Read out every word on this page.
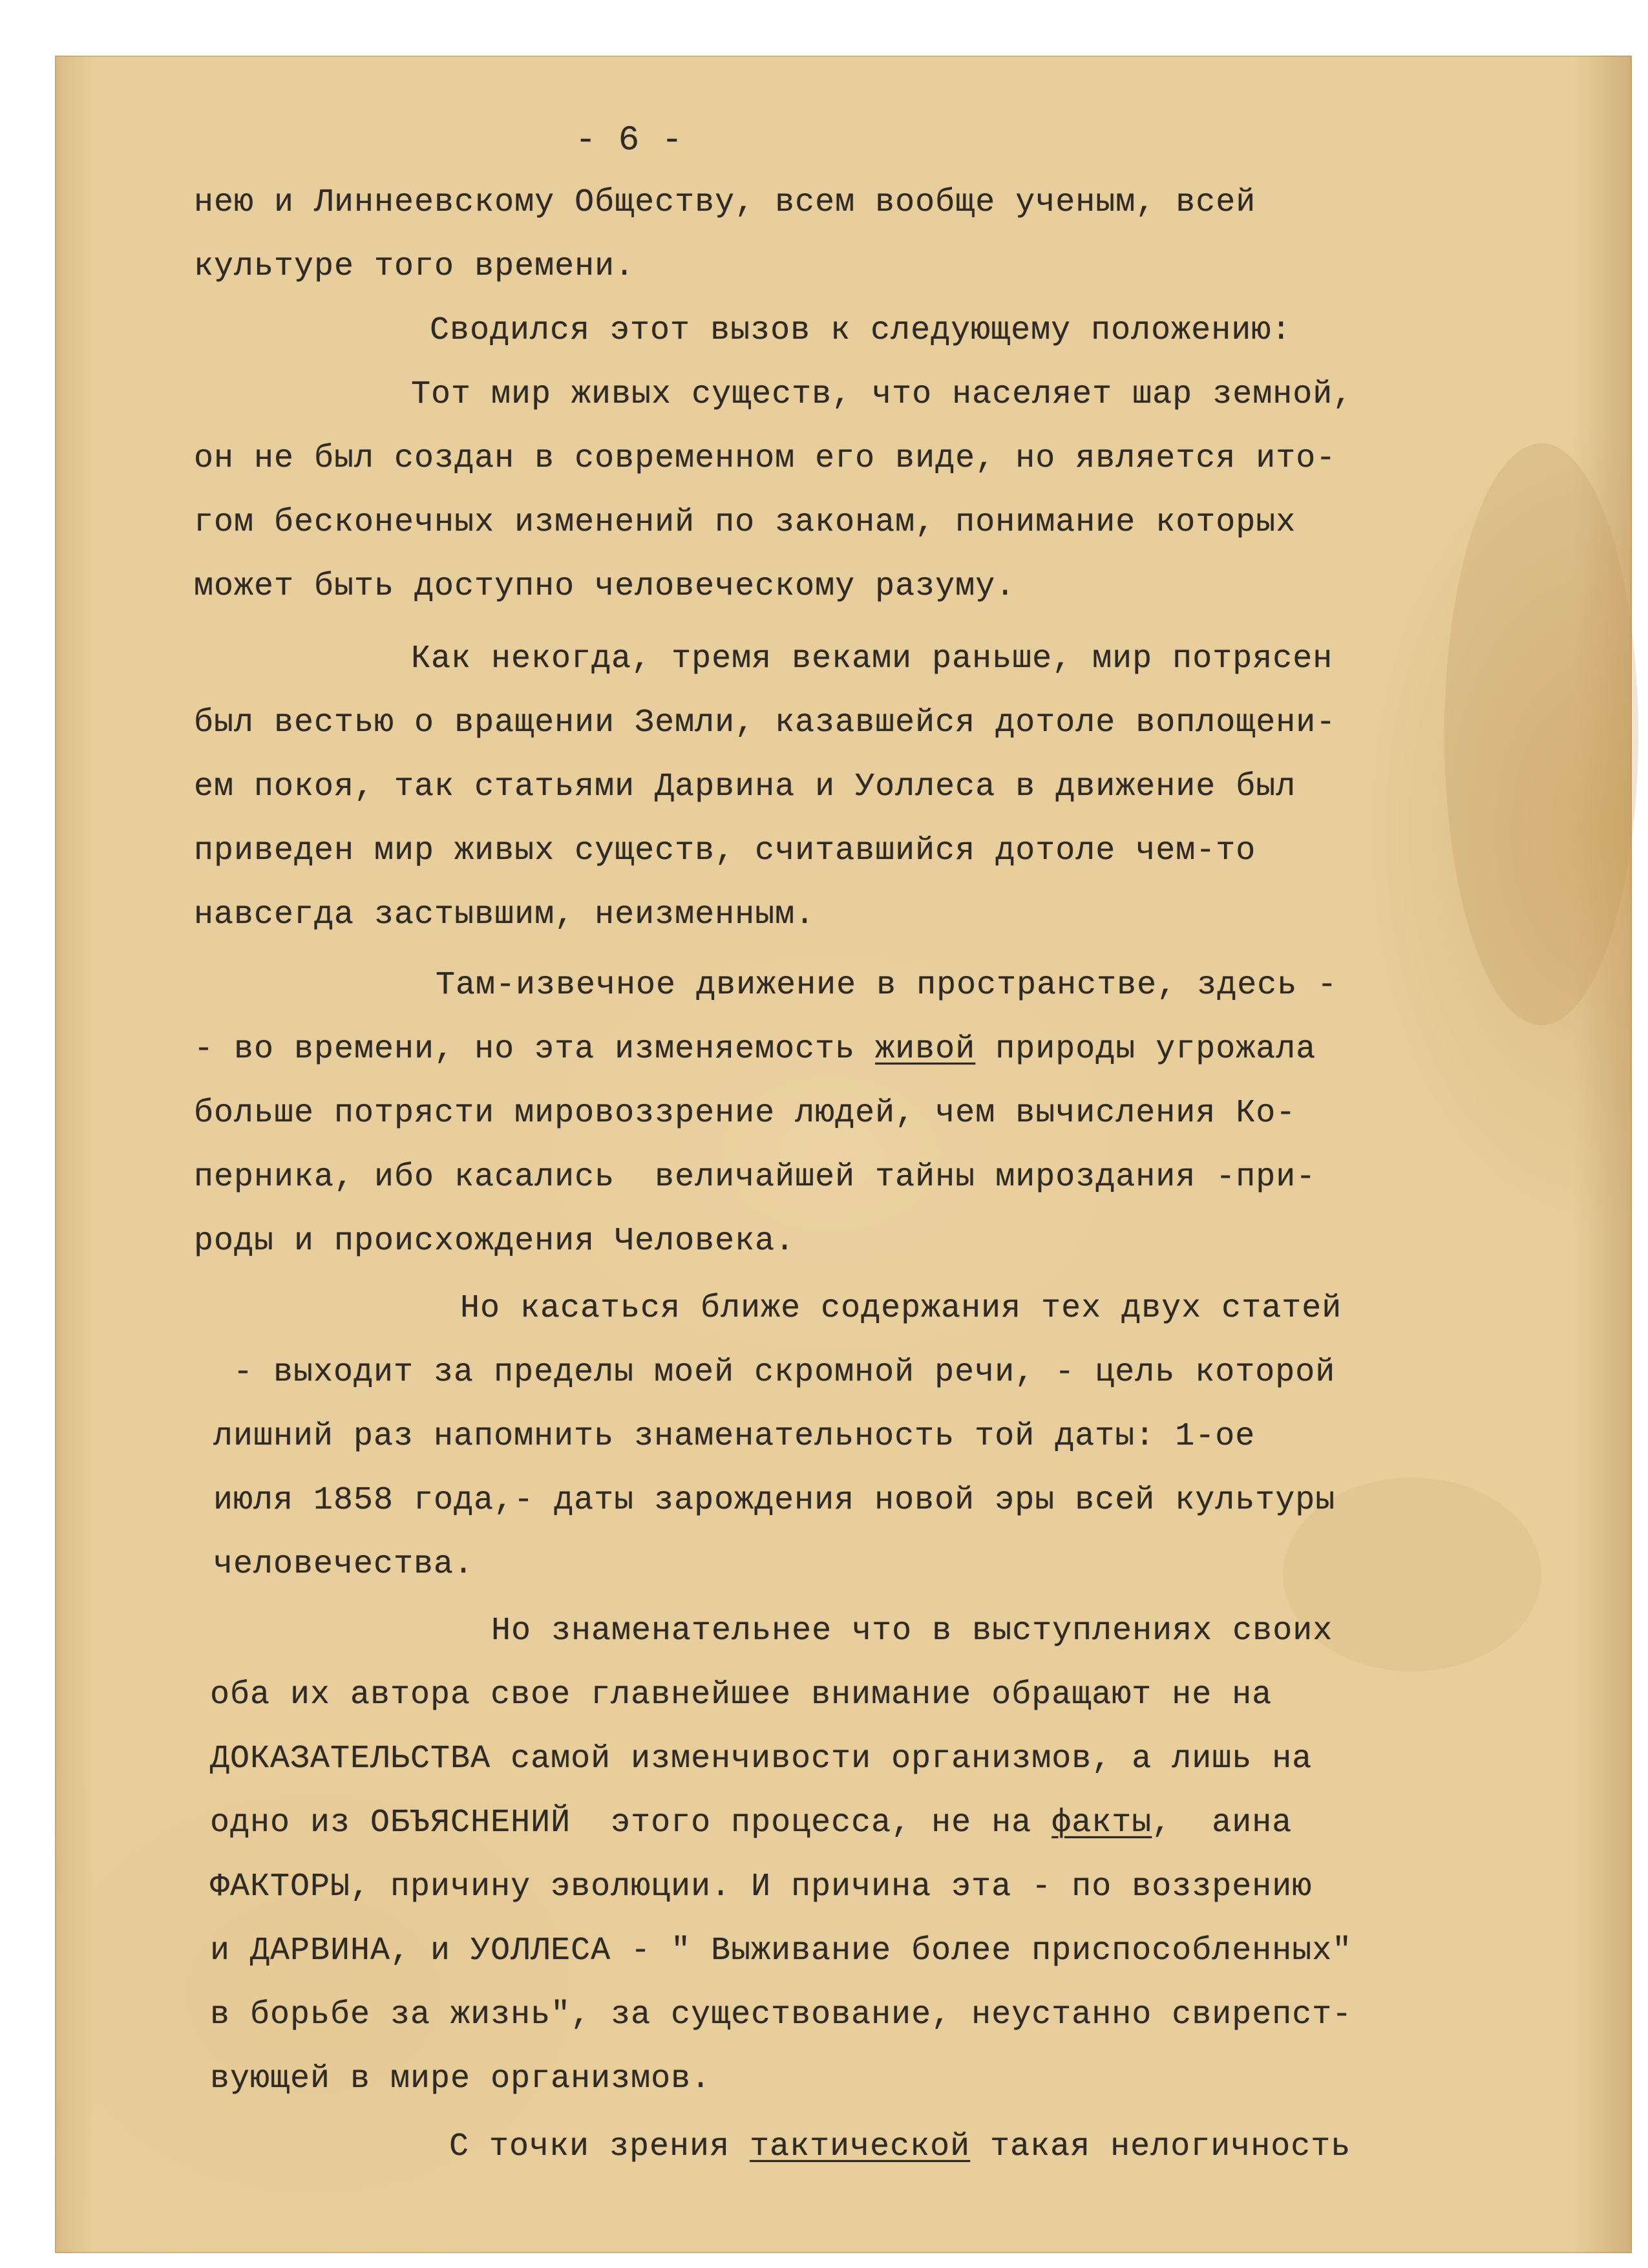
- 6 -
нею и Линнеевскому Обществу, всем вообще ученым, всей
культуре того времени.
Сводился этот вызов к следующему положению:
Тот мир живых существ, что населяет шар земной,
он не был создан в современном его виде, но является ито-
гом бесконечных изменений по законам, понимание которых
может быть доступно человеческому разуму.
Как некогда, тремя веками раньше, мир потрясен
был вестью о вращении Земли, казавшейся дотоле воплощени-
ем покоя, так статьями Дарвина и Уоллеса в движение был
приведен мир живых существ, считавшийся дотоле чем-то
навсегда застывшим, неизменным.
Там-извечное движение в пространстве, здесь -
- во времени, но эта изменяемость живой природы угрожала
больше потрясти мировоззрение людей, чем вычисления Ко-
перника, ибо касались  величайшей тайны мироздания -при-
роды и происхождения Человека.
Но касаться ближе содержания тех двух статей
- выходит за пределы моей скромной речи, - цель которой
лишний раз напомнить знаменательность той даты: 1-ое
июля 1858 года,- даты зарождения новой эры всей культуры
человечества.
Но знаменательнее что в выступлениях своих
оба их автора свое главнейшее внимание обращают не на
ДОКАЗАТЕЛЬСТВА самой изменчивости организмов, а лишь на
одно из ОБЪЯСНЕНИЙ  этого процесса, не на факты,  аина
ФАКТОРЫ, причину эволюции. И причина эта - по воззрению
и ДАРВИНА, и УОЛЛЕСА - " Выживание более приспособленных"
в борьбе за жизнь", за существование, неустанно свирепст-
вующей в мире организмов.
С точки зрения тактической такая нелогичность
